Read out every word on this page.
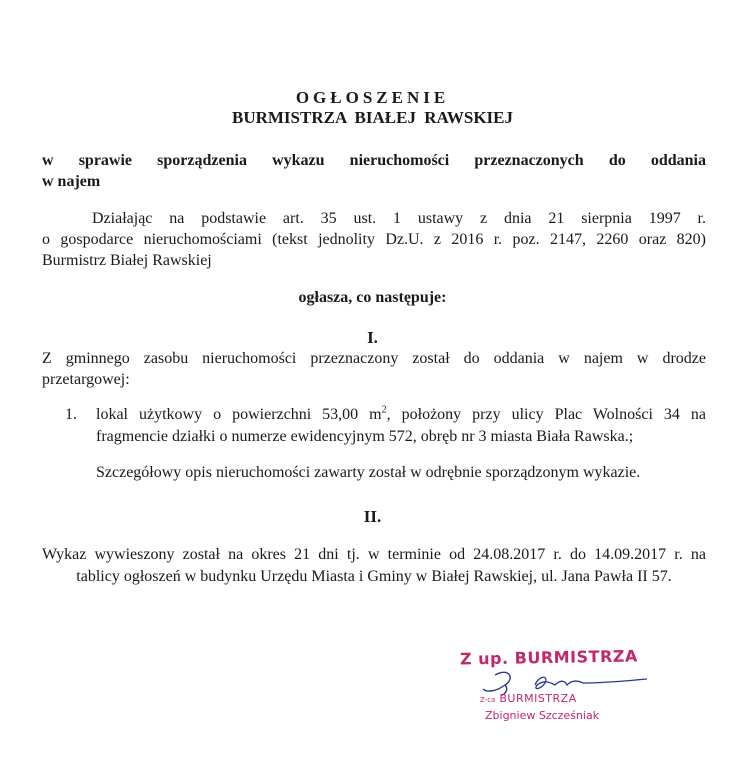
OGŁOSZENIE
BURMISTRZA BIAŁEJ RAWSKIEJ
w sprawie sporządzenia wykazu nieruchomości przeznaczonych do oddania
w najem
Działając na podstawie art. 35 ust. 1 ustawy z dnia 21 sierpnia 1997 r.
o gospodarce nieruchomościami (tekst jednolity Dz.U. z 2016 r. poz. 2147, 2260 oraz 820)
Burmistrz Białej Rawskiej
ogłasza, co następuje:
I.
Z gminnego zasobu nieruchomości przeznaczony został do oddania w najem w drodze
przetargowej:
1. lokal użytkowy o powierzchni 53,00 $m^2$, położony przy ulicy Plac Wolności 34 na
fragmencie działki o numerze ewidencyjnym 572, obręb nr 3 miasta Biała Rawska.;
Szczegółowy opis nieruchomości zawarty został w odrębnie sporządzonym wykazie.
II.
Wykaz wywieszony został na okres 21 dni tj. w terminie od 24.08.2017 r. do 14.09.2017 r. na
tablicy ogłoszeń w budynku Urzędu Miasta i Gminy w Białej Rawskiej, ul. Jana Pawła II 57.
Z up. BURMISTRZA
Z-ca BURMISTRZA
Zbigniew Szcześniak
